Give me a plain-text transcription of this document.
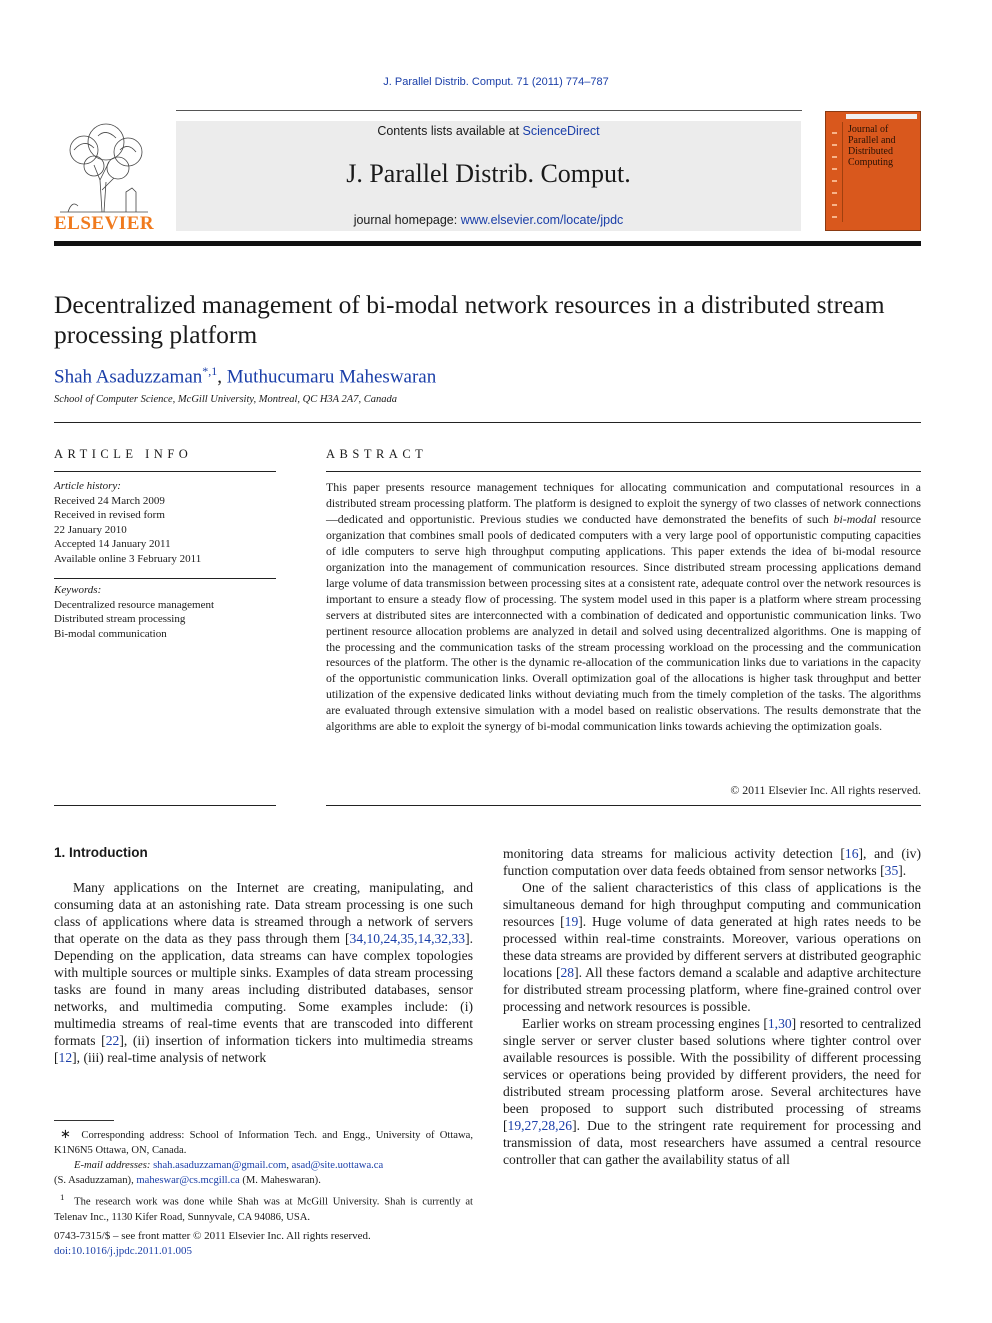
J. Parallel Distrib. Comput. 71 (2011) 774–787
ELSEVIER
Contents lists available at ScienceDirect
J. Parallel Distrib. Comput.
journal homepage: www.elsevier.com/locate/jpdc
Journal of Parallel and Distributed Computing
Decentralized management of bi-modal network resources in a distributed stream processing platform
Shah Asaduzzaman$^{*,1}$, Muthucumaru Maheswaran
School of Computer Science, McGill University, Montreal, QC H3A 2A7, Canada
ARTICLE INFO
Article history:
Received 24 March 2009
Received in revised form
22 January 2010
Accepted 14 January 2011
Available online 3 February 2011
Keywords:
Decentralized resource management
Distributed stream processing
Bi-modal communication
ABSTRACT
This paper presents resource management techniques for allocating communication and computational resources in a distributed stream processing platform. The platform is designed to exploit the synergy of two classes of network connections—dedicated and opportunistic. Previous studies we conducted have demonstrated the benefits of such bi-modal resource organization that combines small pools of dedicated computers with a very large pool of opportunistic computing capacities of idle computers to serve high throughput computing applications. This paper extends the idea of bi-modal resource organization into the management of communication resources. Since distributed stream processing applications demand large volume of data transmission between processing sites at a consistent rate, adequate control over the network resources is important to ensure a steady flow of processing. The system model used in this paper is a platform where stream processing servers at distributed sites are interconnected with a combination of dedicated and opportunistic communication links. Two pertinent resource allocation problems are analyzed in detail and solved using decentralized algorithms. One is mapping of the processing and the communication tasks of the stream processing workload on the processing and the communication resources of the platform. The other is the dynamic re-allocation of the communication links due to variations in the capacity of the opportunistic communication links. Overall optimization goal of the allocations is higher task throughput and better utilization of the expensive dedicated links without deviating much from the timely completion of the tasks. The algorithms are evaluated through extensive simulation with a model based on realistic observations. The results demonstrate that the algorithms are able to exploit the synergy of bi-modal communication links towards achieving the optimization goals.
© 2011 Elsevier Inc. All rights reserved.
1. Introduction

Many applications on the Internet are creating, manipulating, and consuming data at an astonishing rate. Data stream processing is one such class of applications where data is streamed through a network of servers that operate on the data as they pass through them [34,10,24,35,14,32,33]. Depending on the application, data streams can have complex topologies with multiple sources or multiple sinks. Examples of data stream processing tasks are found in many areas including distributed databases, sensor networks, and multimedia computing. Some examples include: (i) multimedia streams of real-time events that are transcoded into different formats [22], (ii) insertion of information tickers into multimedia streams [12], (iii) real-time analysis of network

monitoring data streams for malicious activity detection [16], and (iv) function computation over data feeds obtained from sensor networks [35].

One of the salient characteristics of this class of applications is the simultaneous demand for high throughput computing and communication resources [19]. Huge volume of data generated at high rates needs to be processed within real-time constraints. Moreover, various operations on these data streams are provided by different servers at distributed geographic locations [28]. All these factors demand a scalable and adaptive architecture for distributed stream processing platform, where fine-grained control over processing and network resources is possible.

Earlier works on stream processing engines [1,30] resorted to centralized single server or server cluster based solutions where tighter control over available resources is possible. With the possibility of different processing services or operations being provided by different providers, the need for distributed stream processing platform arose. Several architectures have been proposed to support such distributed processing of streams [19,27,28,26]. Due to the stringent rate requirement for processing and transmission of data, most researchers have assumed a central resource controller that can gather the availability status of all

∗ Corresponding address: School of Information Tech. and Engg., University of Ottawa, K1N6N5 Ottawa, ON, Canada.
E-mail addresses: shah.asaduzzaman@gmail.com, asad@site.uottawa.ca
(S. Asaduzzaman), maheswar@cs.mcgill.ca (M. Maheswaran).
$^1$ The research work was done while Shah was at McGill University. Shah is currently at Telenav Inc., 1130 Kifer Road, Sunnyvale, CA 94086, USA.
0743-7315/$ – see front matter © 2011 Elsevier Inc. All rights reserved.
doi:10.1016/j.jpdc.2011.01.005
